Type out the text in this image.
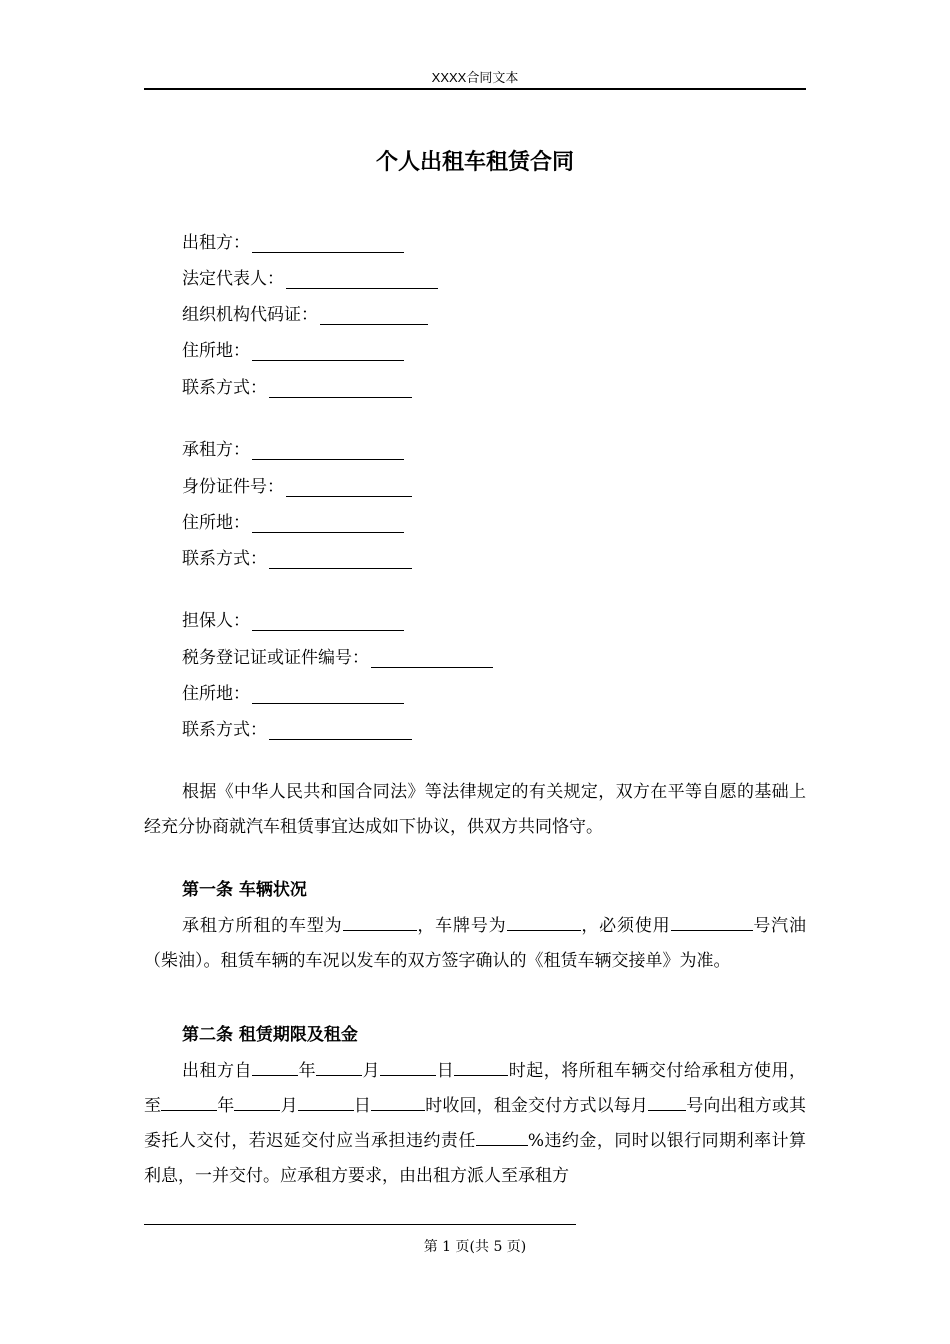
XXXX合同文本
个人出租车租赁合同
出租方：
法定代表人：
组织机构代码证：
住所地：
联系方式：
承租方：
身份证件号：
住所地：
联系方式：
担保人：
税务登记证或证件编号：
住所地：
联系方式：
根据《中华人民共和国合同法》等法律规定的有关规定，双方在平等自愿的基础上经充分协商就汽车租赁事宜达成如下协议，供双方共同恪守。
第一条 车辆状况
承租方所租的车型为	，车牌号为	，必须使用	号汽油（柴油）。租赁车辆的车况以发车的双方签字确认的《租赁车辆交接单》为准。
第二条 租赁期限及租金
出租方自	年	月	日	时起，将所租车辆交付给承租方使用，至	年	月	日	时收回，租金交付方式以每月 号向出租方或其委托人交付，若迟延交付应当承担违约责任	%违约金，同时以银行同期利率计算利息，一并交付。应承租方要求，由出租方派人至承租方
第 1 页(共 5 页)
